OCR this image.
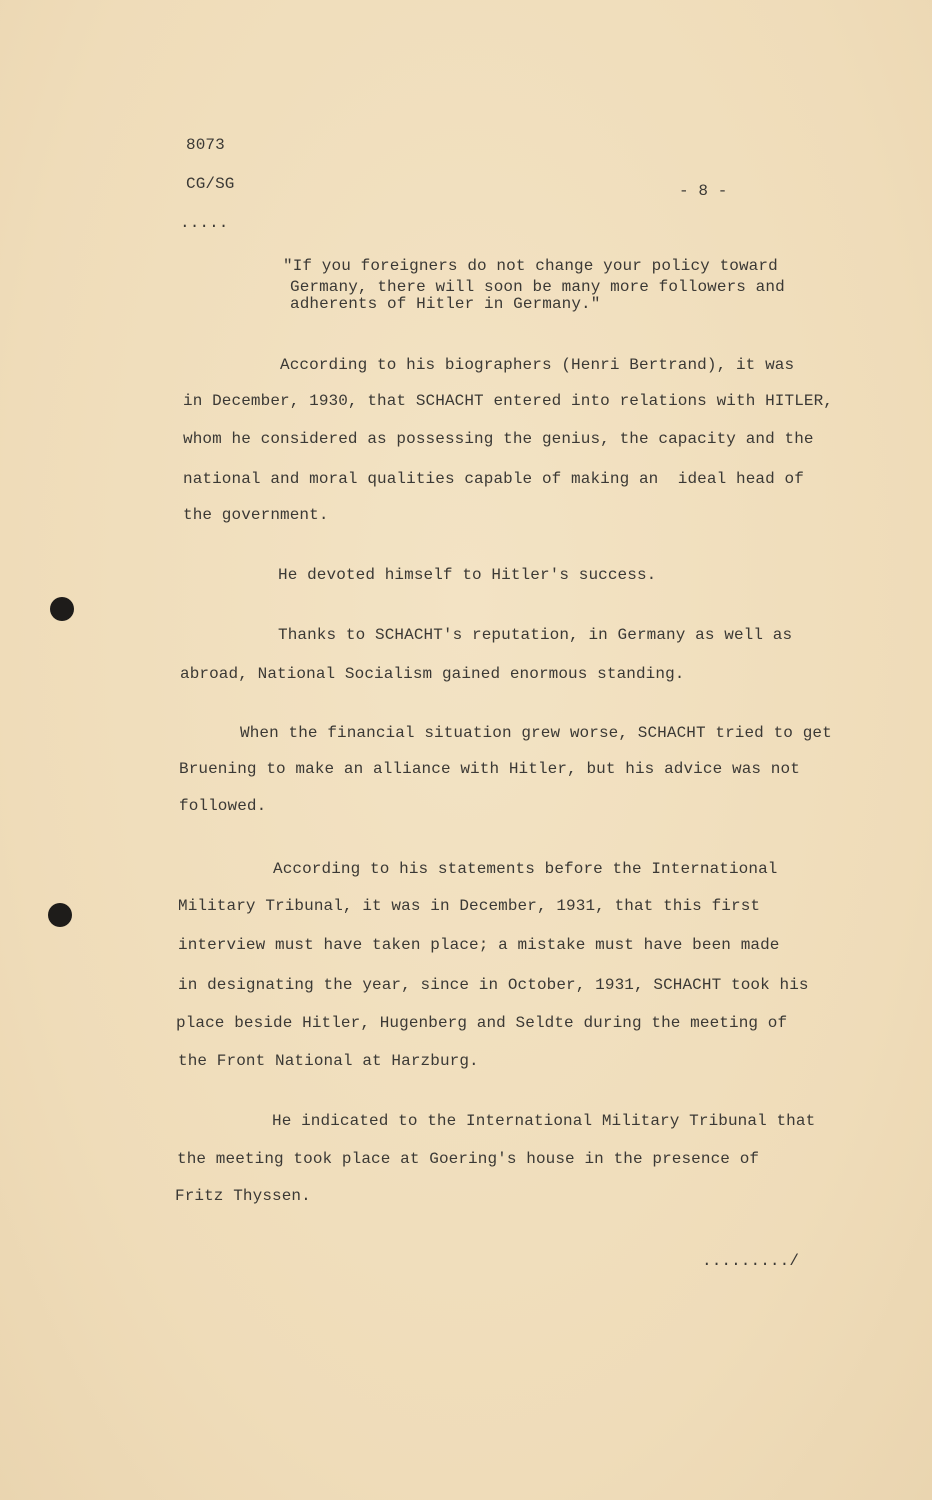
8073
CG/SG	- 8 -
.....
"If you foreigners do not change your policy toward
Germany, there will soon be many more followers and
adherents of Hitler in Germany."
According to his biographers (Henri Bertrand), it was
in December, 1930, that SCHACHT entered into relations with HITLER,
whom he considered as possessing the genius, the capacity and the
national and moral qualities capable of making an  ideal head of
the government.
He devoted himself to Hitler's success.
Thanks to SCHACHT's reputation, in Germany as well as
abroad, National Socialism gained enormous standing.
When the financial situation grew worse, SCHACHT tried to get
Bruening to make an alliance with Hitler, but his advice was not
followed.
According to his statements before the International
Military Tribunal, it was in December, 1931, that this first
interview must have taken place; a mistake must have been made
in designating the year, since in October, 1931, SCHACHT took his
place beside Hitler, Hugenberg and Seldte during the meeting of
the Front National at Harzburg.
He indicated to the International Military Tribunal that
the meeting took place at Goering's house in the presence of
Fritz Thyssen.
........./
